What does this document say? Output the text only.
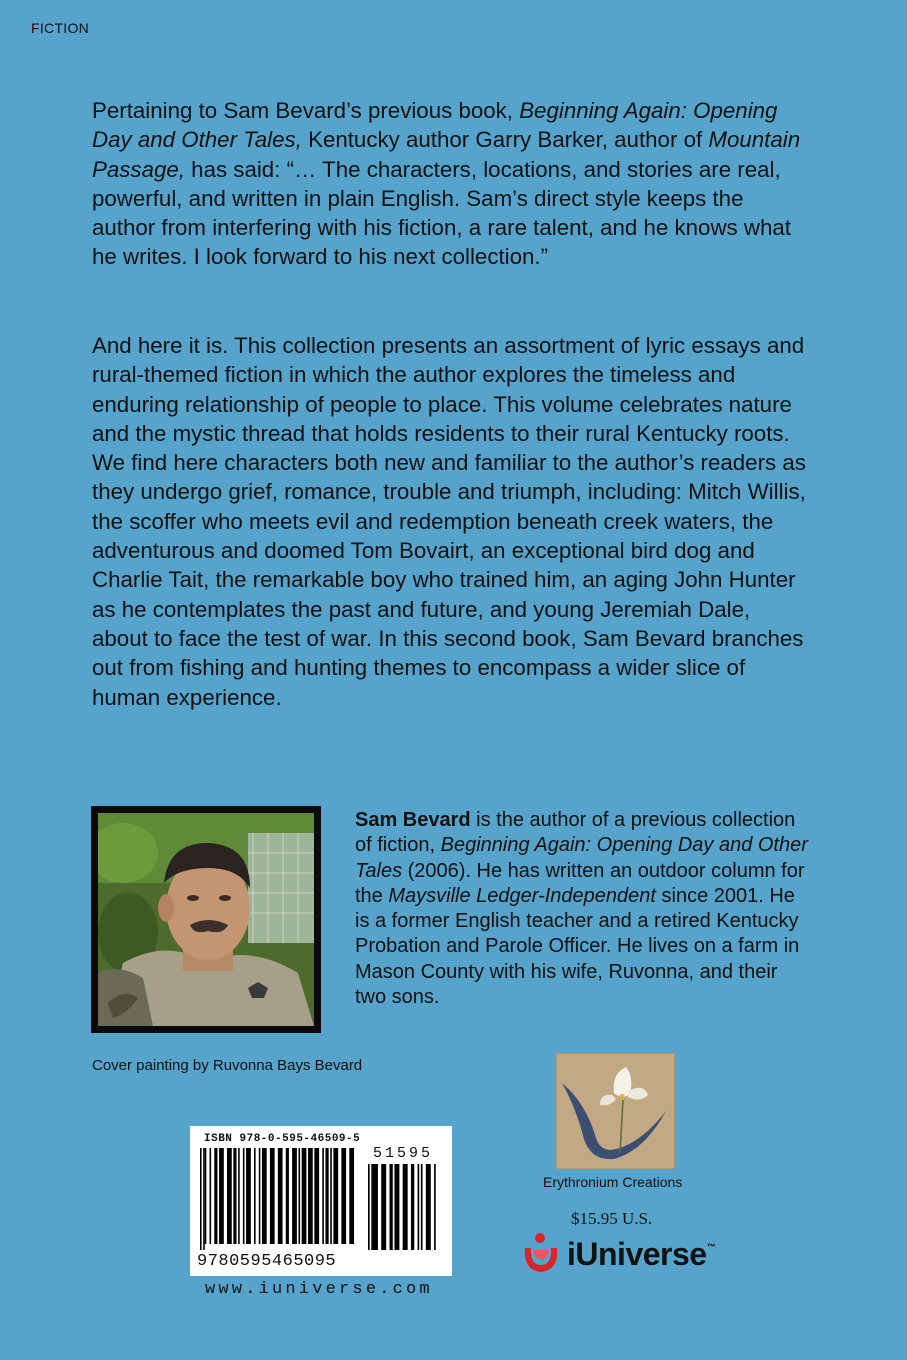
FICTION

Pertaining to Sam Bevard’s previous book, Beginning Again: Opening Day and Other Tales, Kentucky author Garry Barker, author of Mountain Passage, has said: “… The characters, locations, and stories are real, powerful, and written in plain English. Sam’s direct style keeps the author from interfering with his fiction, a rare talent, and he knows what he writes. I look forward to his next collection.”

And here it is. This collection presents an assortment of lyric essays and rural-themed fiction in which the author explores the timeless and enduring relationship of people to place. This volume celebrates nature and the mystic thread that holds residents to their rural Kentucky roots. We find here characters both new and familiar to the author’s readers as they undergo grief, romance, trouble and triumph, including: Mitch Willis, the scoffer who meets evil and redemption beneath creek waters, the adventurous and doomed Tom Bovairt, an exceptional bird dog and Charlie Tait, the remarkable boy who trained him, an aging John Hunter as he contemplates the past and future, and young Jeremiah Dale, about to face the test of war. In this second book, Sam Bevard branches out from fishing and hunting themes to encompass a wider slice of human experience.

Sam Bevard is the author of a previous collection of fiction, Beginning Again: Opening Day and Other Tales (2006). He has written an outdoor column for the Maysville Ledger-Independent since 2001. He is a former English teacher and a retired Kentucky Probation and Parole Officer. He lives on a farm in Mason County with his wife, Ruvonna, and their two sons.

Cover painting by Ruvonna Bays Bevard
ISBN 978-0-595-46509-5
51595
9780595465095
www.iuniverse.com
Erythronium Creations
$15.95 U.S.
iUniverse™
